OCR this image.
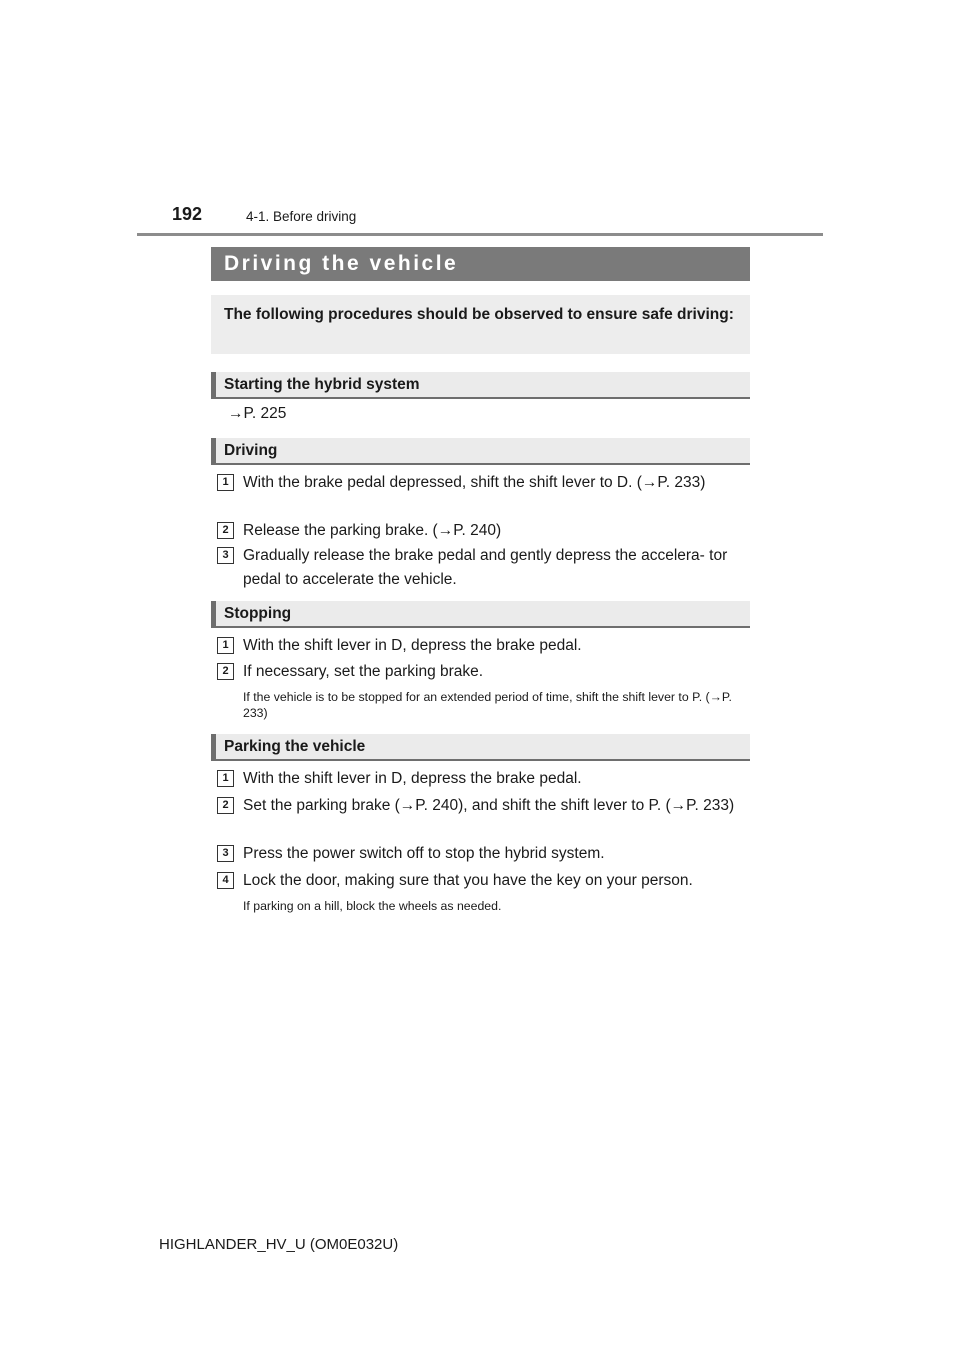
192	4-1. Before driving
Driving the vehicle
The following procedures should be observed to ensure safe driving:
Starting the hybrid system
→P. 225
Driving
1 With the brake pedal depressed, shift the shift lever to D. (→P. 233)
2 Release the parking brake. (→P. 240)
3 Gradually release the brake pedal and gently depress the accelera- tor pedal to accelerate the vehicle.
Stopping
1 With the shift lever in D, depress the brake pedal.
2 If necessary, set the parking brake.
If the vehicle is to be stopped for an extended period of time, shift the shift lever to P. (→P. 233)
Parking the vehicle
1 With the shift lever in D, depress the brake pedal.
2 Set the parking brake (→P. 240), and shift the shift lever to P. (→P. 233)
3 Press the power switch off to stop the hybrid system.
4 Lock the door, making sure that you have the key on your person.
If parking on a hill, block the wheels as needed.
HIGHLANDER_HV_U (OM0E032U)
